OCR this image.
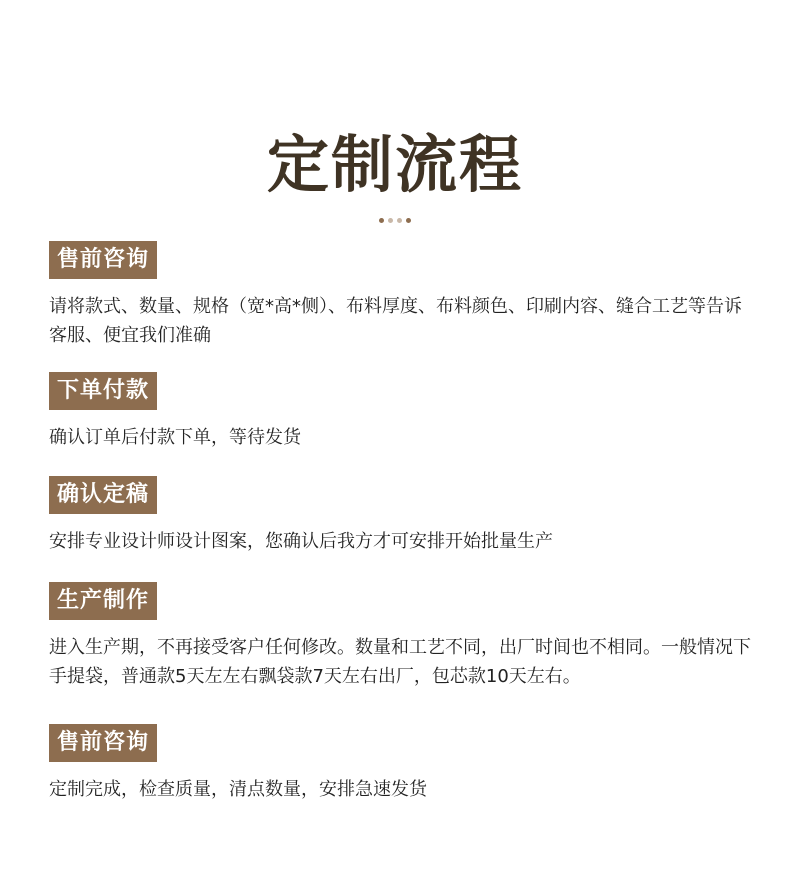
定制流程
售前咨询

请将款式、数量、规格（宽*高*侧）、布料厚度、布料颜色、印刷内容、缝合工艺等告诉客服、便宜我们准确

下单付款

确认订单后付款下单，等待发货

确认定稿

安排专业设计师设计图案，您确认后我方才可安排开始批量生产

生产制作

进入生产期，不再接受客户任何修改。数量和工艺不同，出厂时间也不相同。一般情况下手提袋，普通款5天左左右飘袋款7天左右出厂，包芯款10天左右。

售前咨询

定制完成，检查质量，清点数量，安排急速发货
